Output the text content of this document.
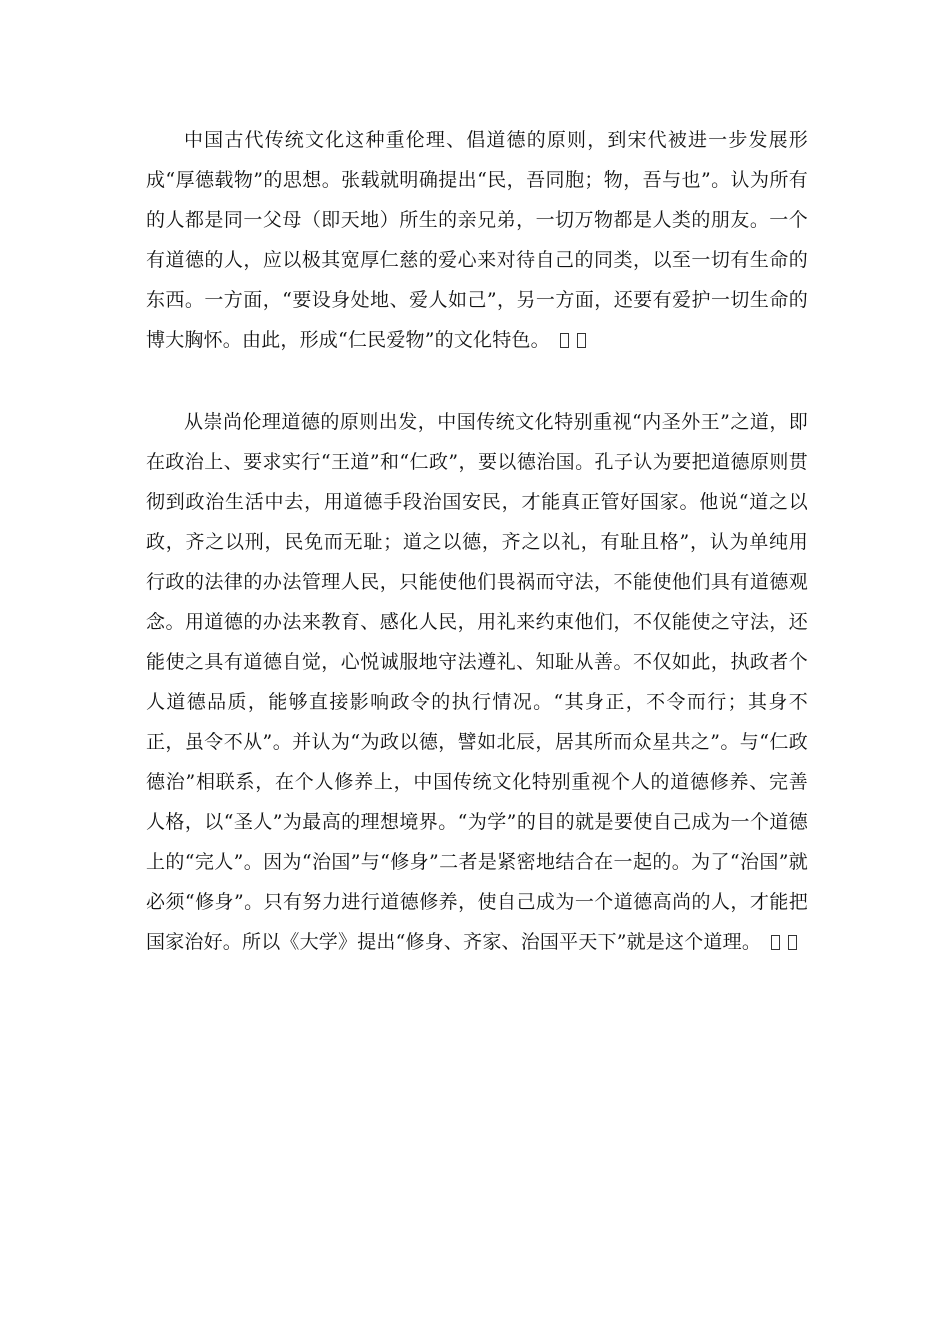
中国古代传统文化这种重伦理、倡道德的原则，到宋代被进一步发展形成“厚德载物”的思想。张载就明确提出“民，吾同胞；物，吾与也”。认为所有的人都是同一父母（即天地）所生的亲兄弟，一切万物都是人类的朋友。一个有道德的人，应以极其宽厚仁慈的爱心来对待自己的同类，以至一切有生命的东西。一方面，“要设身处地、爱人如己”，另一方面，还要有爱护一切生命的博大胸怀。由此，形成“仁民爱物”的文化特色。

从崇尚伦理道德的原则出发，中国传统文化特别重视“内圣外王”之道，即在政治上、要求实行“王道”和“仁政”，要以德治国。孔子认为要把道德原则贯彻到政治生活中去，用道德手段治国安民，才能真正管好国家。他说“道之以政，齐之以刑，民免而无耻；道之以德，齐之以礼，有耻且格”，认为单纯用行政的法律的办法管理人民，只能使他们畏祸而守法，不能使他们具有道德观念。用道德的办法来教育、感化人民，用礼来约束他们，不仅能使之守法，还能使之具有道德自觉，心悦诚服地守法遵礼、知耻从善。不仅如此，执政者个人道德品质，能够直接影响政令的执行情况。“其身正，不令而行；其身不正，虽令不从”。并认为“为政以德，譬如北辰，居其所而众星共之”。与“仁政德治”相联系，在个人修养上，中国传统文化特别重视个人的道德修养、完善人格，以“圣人”为最高的理想境界。“为学”的目的就是要使自己成为一个道德上的“完人”。因为“治国”与“修身”二者是紧密地结合在一起的。为了“治国”就必须“修身”。只有努力进行道德修养，使自己成为一个道德高尚的人，才能把国家治好。所以《大学》提出“修身、齐家、治国平天下”就是这个道理。
